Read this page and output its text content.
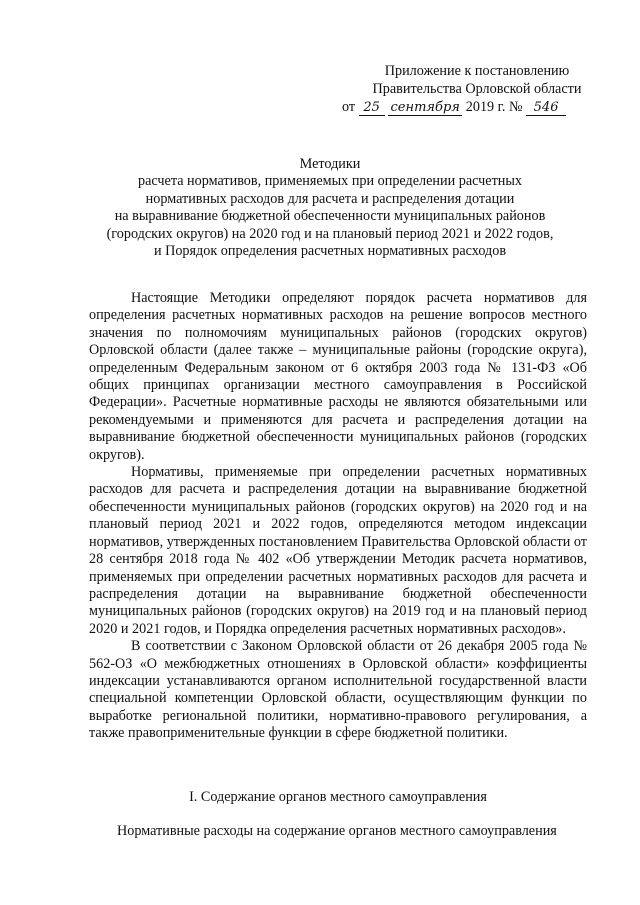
Приложение к постановлению
Правительства Орловской области
от 25 сентября 2019 г. № 546
Методики
расчета нормативов, применяемых при определении расчетных
нормативных расходов для расчета и распределения дотации
на выравнивание бюджетной обеспеченности муниципальных районов
(городских округов) на 2020 год и на плановый период 2021 и 2022 годов,
и Порядок определения расчетных нормативных расходов

Настоящие Методики определяют порядок расчета нормативов для определения расчетных нормативных расходов на решение вопросов местного значения по полномочиям муниципальных районов (городских округов) Орловской области (далее также – муниципальные районы (городские округа), определенным Федеральным законом от 6 октября 2003 года № 131-ФЗ «Об общих принципах организации местного самоуправления в Российской Федерации». Расчетные нормативные расходы не являются обязательными или рекомендуемыми и применяются для расчета и распределения дотации на выравнивание бюджетной обеспеченности муниципальных районов (городских округов).

Нормативы, применяемые при определении расчетных нормативных расходов для расчета и распределения дотации на выравнивание бюджетной обеспеченности муниципальных районов (городских округов) на 2020 год и на плановый период 2021 и 2022 годов, определяются методом индексации нормативов, утвержденных постановлением Правительства Орловской области от 28 сентября 2018 года № 402 «Об утверждении Методик расчета нормативов, применяемых при определении расчетных нормативных расходов для расчета и распределения дотации на выравнивание бюджетной обеспеченности муниципальных районов (городских округов) на 2019 год и на плановый период 2020 и 2021 годов, и Порядка определения расчетных нормативных расходов».

В соответствии с Законом Орловской области от 26 декабря 2005 года № 562-ОЗ «О межбюджетных отношениях в Орловской области» коэффициенты индексации устанавливаются органом исполнительной государственной власти специальной компетенции Орловской области, осуществляющим функции по выработке региональной политики, нормативно-правового регулирования, а также правоприменительные функции в сфере бюджетной политики.

I. Содержание органов местного самоуправления
Нормативные расходы на содержание органов местного самоуправления
